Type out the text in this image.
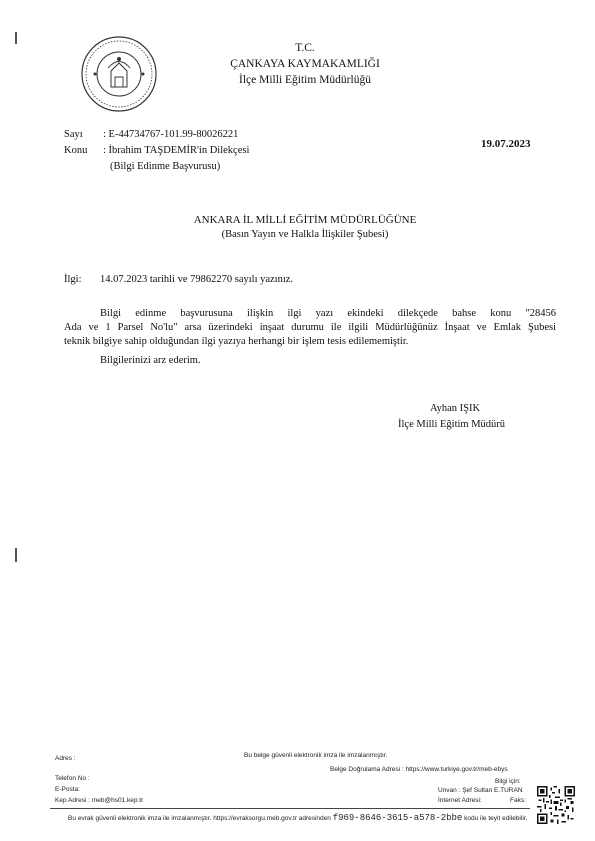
T.C.
ÇANKAYA KAYMAKAMLIĞI
İlçe Milli Eğitim Müdürlüğü
Sayı : E-44734767-101.99-80026221
Konu : İbrahim TAŞDEMİR'in Dilekçesi
(Bilgi Edinme Başvurusu)
19.07.2023
ANKARA İL MİLLİ EĞİTİM MÜDÜRLÜĞÜNE
(Basın Yayın ve Halkla İlişkiler Şubesi)
İlgi: 14.07.2023 tarihli ve 79862270 sayılı yazınız.
Bilgi edinme başvurusuna ilişkin ilgi yazı ekindeki dilekçede bahse konu "28456
Ada ve 1 Parsel No'lu" arsa üzerindeki inşaat durumu ile ilgili Müdürlüğünüz İnşaat ve Emlak Şubesi
teknik bilgiye sahip olduğundan ilgi yazıya herhangi bir işlem tesis edilememiştir.
Bilgilerinizi arz ederim.
Ayhan IŞIK
İlçe Milli Eğitim Müdürü
Adres :	Bu belge güvenli elektronik imza ile imzalanmıştır.
Belge Doğrulama Adresi : https://www.turkiye.gov.tr/meb-ebys
Telefon No :	Bilgi için:
E-Posta:	Unvan : Şef Sultan E.TURAN
Kep Adresi : meb@hs01.kep.tr	İnternet Adresi:	Faks:
Bu evrak güvenli elektronik imza ile imzalanmıştır. https://evraksorgu.meb.gov.tr adresinden f969-8646-3615-a578-2bbe kodu ile teyit edilebilir.
